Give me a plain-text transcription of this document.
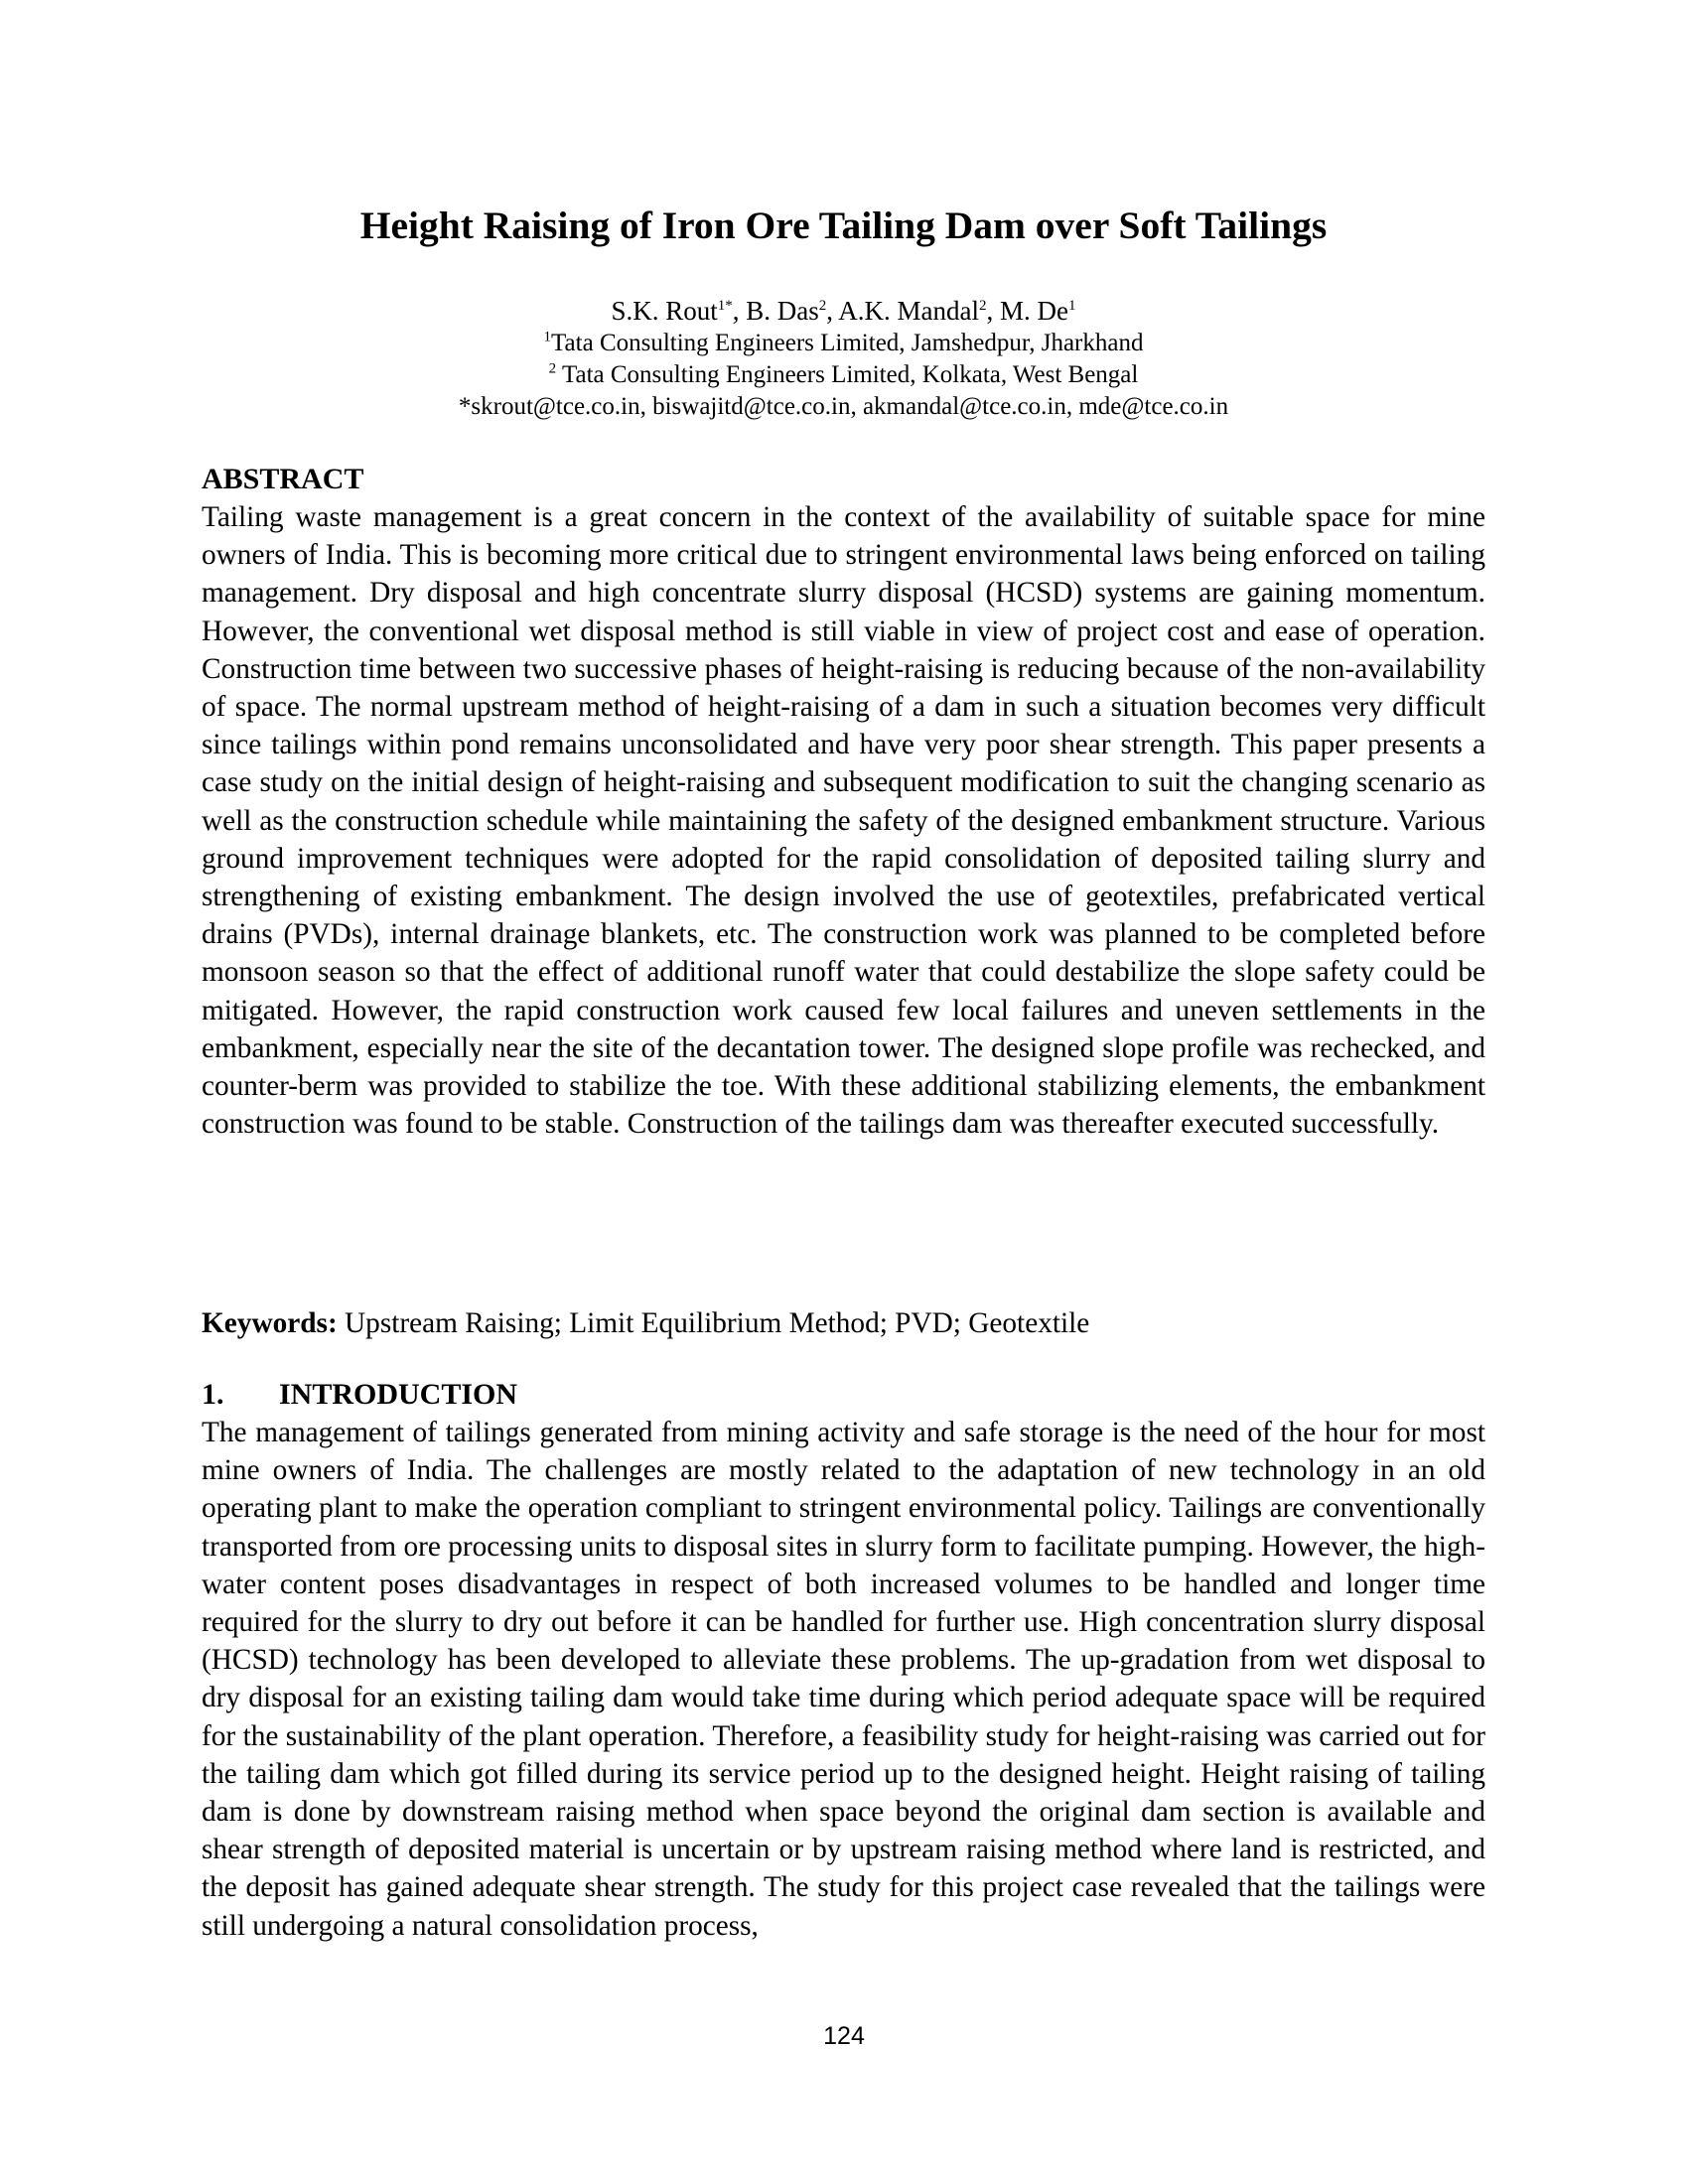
Height Raising of Iron Ore Tailing Dam over Soft Tailings
S.K. Rout$^{1*}$, B. Das$^2$, A.K. Mandal$^2$, M. De$^1$
$^1$Tata Consulting Engineers Limited, Jamshedpur, Jharkhand
$^2$ Tata Consulting Engineers Limited, Kolkata, West Bengal
*skrout@tce.co.in, biswajitd@tce.co.in, akmandal@tce.co.in, mde@tce.co.in
ABSTRACT

Tailing waste management is a great concern in the context of the availability of suitable space for mine owners of India. This is becoming more critical due to stringent environmental laws being enforced on tailing management. Dry disposal and high concentrate slurry disposal (HCSD) systems are gaining momentum. However, the conventional wet disposal method is still viable in view of project cost and ease of operation. Construction time between two successive phases of height-raising is reducing because of the non-availability of space. The normal upstream method of height-raising of a dam in such a situation becomes very difficult since tailings within pond remains unconsolidated and have very poor shear strength. This paper presents a case study on the initial design of height-raising and subsequent modification to suit the changing scenario as well as the construction schedule while maintaining the safety of the designed embankment structure. Various ground improvement techniques were adopted for the rapid consolidation of deposited tailing slurry and strengthening of existing embankment. The design involved the use of geotextiles, prefabricated vertical drains (PVDs), internal drainage blankets, etc. The construction work was planned to be completed before monsoon season so that the effect of additional runoff water that could destabilize the slope safety could be mitigated. However, the rapid construction work caused few local failures and uneven settlements in the embankment, especially near the site of the decantation tower. The designed slope profile was rechecked, and counter-berm was provided to stabilize the toe. With these additional stabilizing elements, the embankment construction was found to be stable. Construction of the tailings dam was thereafter executed successfully.

Keywords: Upstream Raising; Limit Equilibrium Method; PVD; Geotextile

1. INTRODUCTION

The management of tailings generated from mining activity and safe storage is the need of the hour for most mine owners of India. The challenges are mostly related to the adaptation of new technology in an old operating plant to make the operation compliant to stringent environmental policy. Tailings are conventionally transported from ore processing units to disposal sites in slurry form to facilitate pumping. However, the high-water content poses disadvantages in respect of both increased volumes to be handled and longer time required for the slurry to dry out before it can be handled for further use. High concentration slurry disposal (HCSD) technology has been developed to alleviate these problems. The up-gradation from wet disposal to dry disposal for an existing tailing dam would take time during which period adequate space will be required for the sustainability of the plant operation. Therefore, a feasibility study for height-raising was carried out for the tailing dam which got filled during its service period up to the designed height. Height raising of tailing dam is done by downstream raising method when space beyond the original dam section is available and shear strength of deposited material is uncertain or by upstream raising method where land is restricted, and the deposit has gained adequate shear strength. The study for this project case revealed that the tailings were still undergoing a natural consolidation process,

124
